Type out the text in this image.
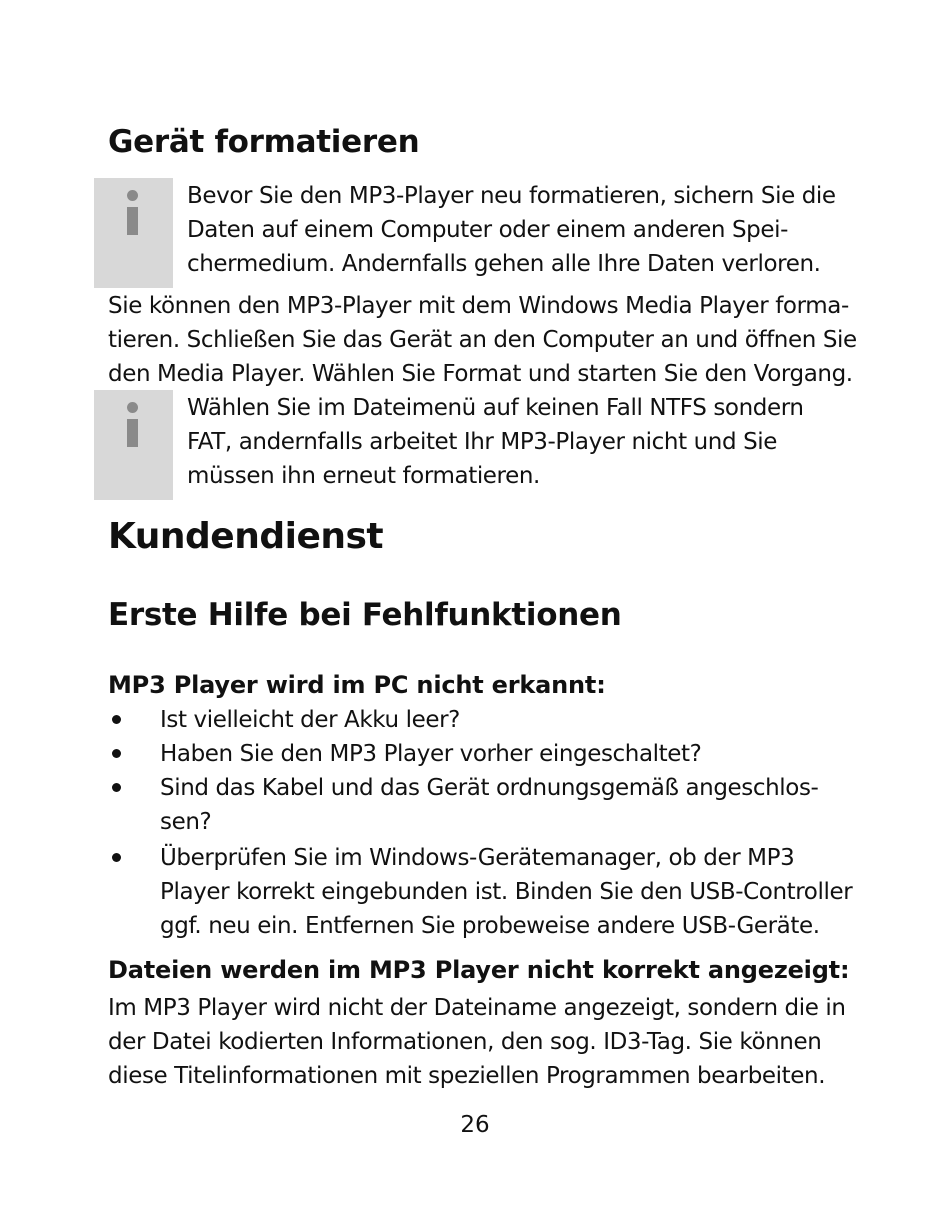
Gerät formatieren
Bevor Sie den MP3-Player neu formatieren, sichern Sie die
Daten auf einem Computer oder einem anderen Spei-
chermedium. Andernfalls gehen alle Ihre Daten verloren.
Sie können den MP3-Player mit dem Windows Media Player forma-
tieren. Schließen Sie das Gerät an den Computer an und öffnen Sie
den Media Player. Wählen Sie Format und starten Sie den Vorgang.
Wählen Sie im Dateimenü auf keinen Fall NTFS sondern
FAT, andernfalls arbeitet Ihr MP3-Player nicht und Sie
müssen ihn erneut formatieren.
Kundendienst
Erste Hilfe bei Fehlfunktionen
MP3 Player wird im PC nicht erkannt:
Ist vielleicht der Akku leer?
Haben Sie den MP3 Player vorher eingeschaltet?
Sind das Kabel und das Gerät ordnungsgemäß angeschlos-
sen?
Überprüfen Sie im Windows-Gerätemanager, ob der MP3
Player korrekt eingebunden ist. Binden Sie den USB-Controller
ggf. neu ein. Entfernen Sie probeweise andere USB-Geräte.
Dateien werden im MP3 Player nicht korrekt angezeigt:
Im MP3 Player wird nicht der Dateiname angezeigt, sondern die in
der Datei kodierten Informationen, den sog. ID3-Tag. Sie können
diese Titelinformationen mit speziellen Programmen bearbeiten.
26
